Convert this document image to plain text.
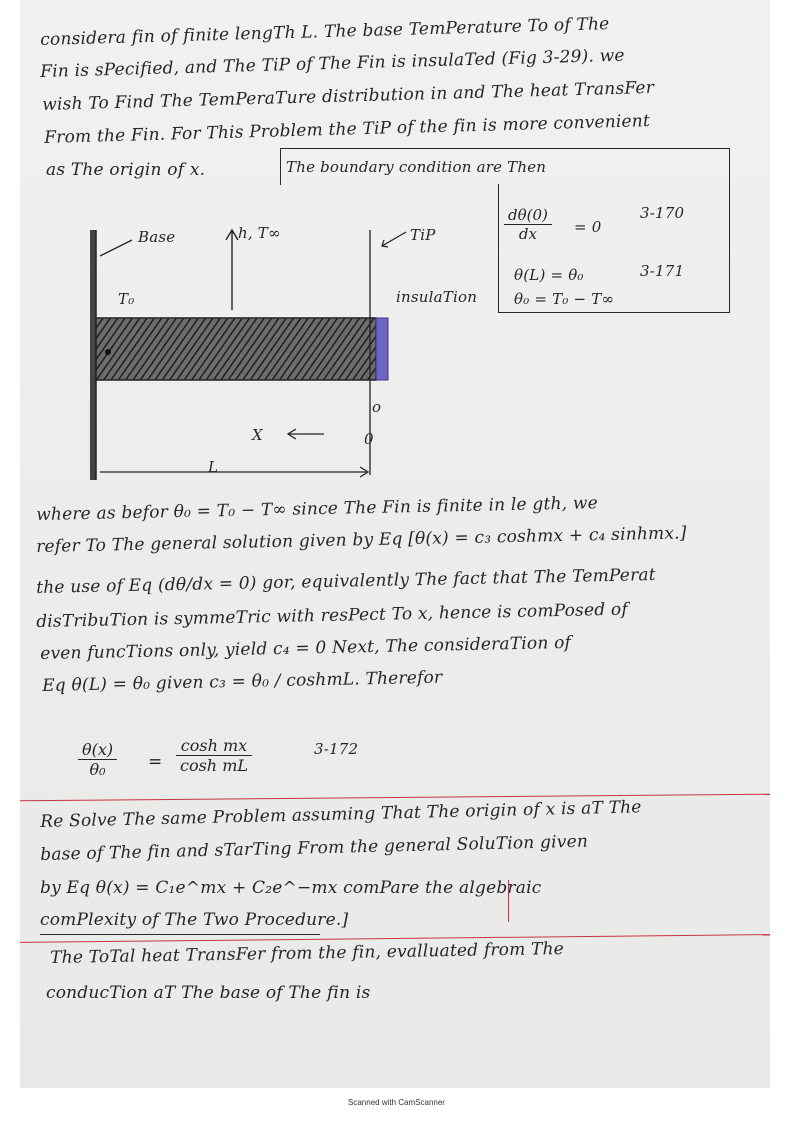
considera fin of finite lengTh L. The base TemPerature To of The

Fin is sPecified, and The TiP of The Fin is insulaTed (Fig 3-29). we

wish To Find The TemPeraTure distribution in and The heat TransFer

From the Fin. For This Problem the TiP of the fin is more convenient

as The origin of x.	The boundary condition are Then

$\frac{d\theta(0)}{dx} = 0$

3-170

θ(L) = θ₀	3-171

θ₀ = T₀ − T∞

Base	h, T∞	TiP

T₀	insulaTion

o

0

X

L

where as befor θ₀ = T₀ − T∞ since The Fin is finite in le gth, we

refer To The general solution given by Eq [θ(x) = c₃ coshmx + c₄ sinhmx.]

the use of Eq (dθ/dx = 0) gor, equivalently The fact that The TemPerat

disTribuTion is symmeTric with resPect To x, hence is comPosed of

even funcTions only, yield c₄ = 0 Next, The consideraTion of

Eq θ(L) = θ₀ given c₃ = θ₀ / coshmL. Therefor

$\frac{\theta(x)}{\text{θ₀}} = \frac{\text{cosh mx}}{\text{cosh mL}}$	3-172

Re Solve The same Problem assuming That The origin of x is aT The

base of The fin and sTarTing From the general SoluTion given

by Eq θ(x) = C₁e^mx + C₂e^−mx comPare the algebraic

comPlexity of The Two Procedure.]

The ToTal heat TransFer from the fin, evalluated from The

conducTion aT The base of The fin is

Scanned with CamScanner
